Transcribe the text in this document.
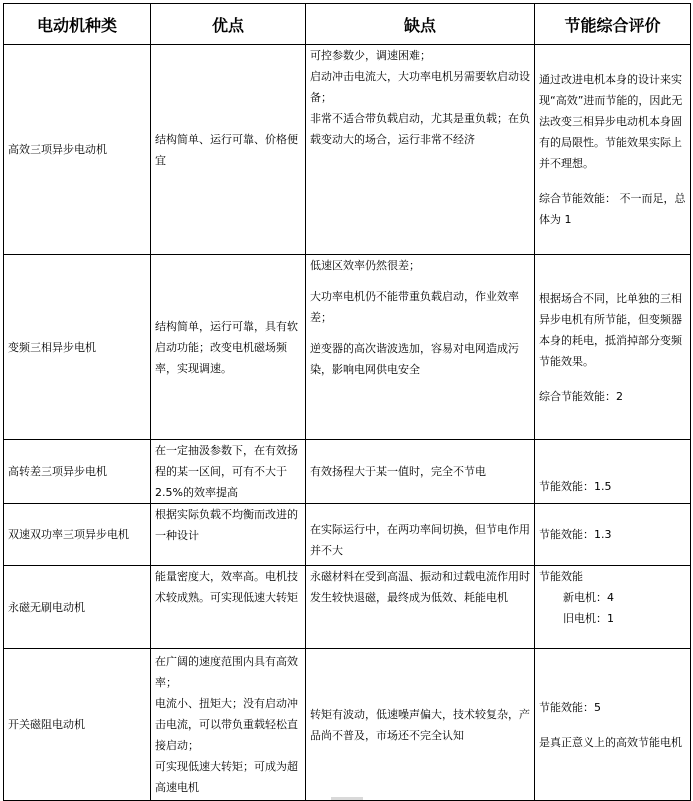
电动机种类	优点	缺点	节能综合评价
高效三项异步电动机	结构简单、运行可靠、价格便宜	可控参数少，调速困难；
启动冲击电流大，大功率电机另需要软启动设备；
非常不适合带负载启动，尤其是重负载；在负载变动大的场合，运行非常不经济	通过改进电机本身的设计来实现“高效”进而节能的，因此无法改变三相异步电动机本身固有的局限性。节能效果实际上并不理想。
综合节能效能： 不一而足，总体为 1

变频三相异步电机	结构简单，运行可靠，具有软启动功能；改变电机磁场频率，实现调速。	低速区效率仍然很差；
大功率电机仍不能带重负载启动，作业效率差；
逆变器的高次谐波选加，容易对电网造成污染，影响电网供电安全	根据场合不同，比单独的三相异步电机有所节能，但变频器本身的耗电，抵消掉部分变频节能效果。
综合节能效能：2

高转差三项异步电机	在一定抽汲参数下，在有效扬程的某一区间，可有不大于 2.5%的效率提高	有效扬程大于某一值时，完全不节电	节能效能：1.5

双速双功率三项异步电机	根据实际负载不均衡而改进的一种设计	在实际运行中，在两功率间切换，但节电作用并不大	节能效能：1.3

永磁无刷电动机	能量密度大，效率高。电机技术较成熟。可实现低速大转矩	永磁材料在受到高温、振动和过载电流作用时发生较快退磁，最终成为低效、耗能电机	节能效能
新电机：4
旧电机：1

开关磁阻电动机	在广阔的速度范围内具有高效率；
电流小、扭矩大；没有启动冲击电流，可以带负重载轻松直接启动；
可实现低速大转矩；可成为超高速电机	转矩有波动，低速噪声偏大，技术较复杂，产品尚不普及，市场还不完全认知	节能效能：5
是真正意义上的高效节能电机
